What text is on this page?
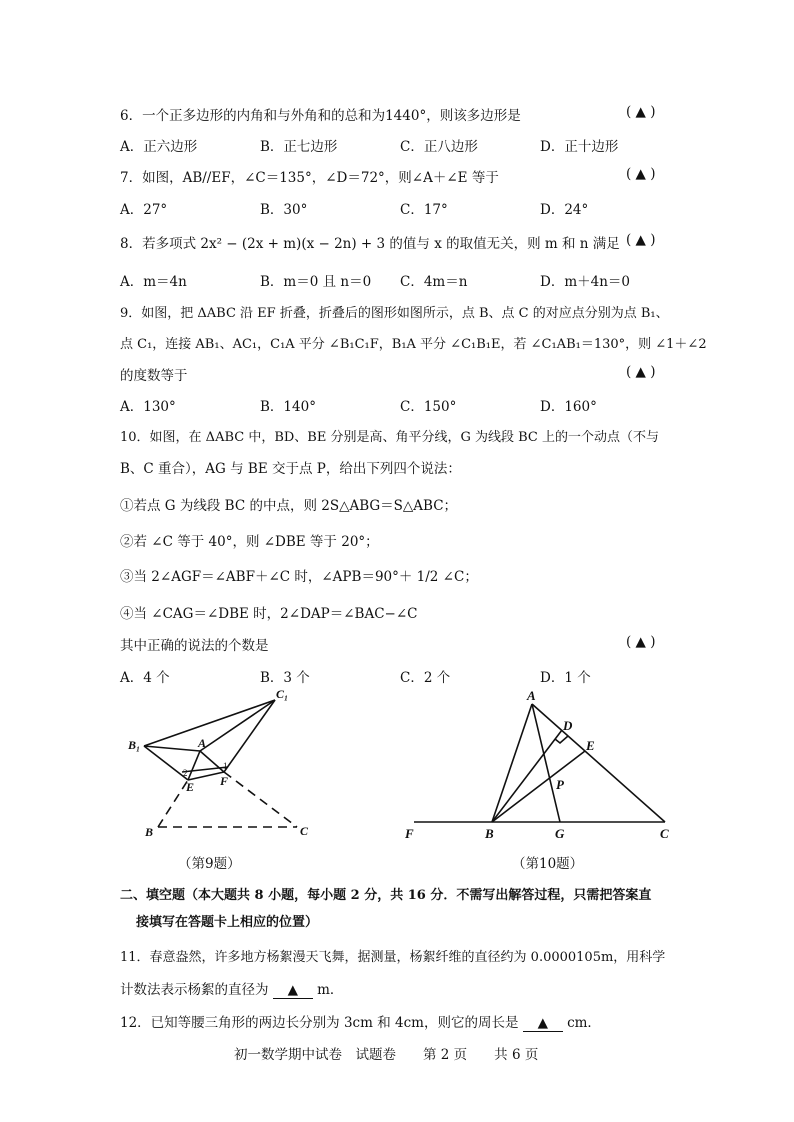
6．一个正多边形的内角和与外角和的总和为1440°，则该多边形是	( ▲ )
A．正六边形	B．正七边形	C．正八边形	D．正十边形
7．如图，AB//EF，∠C＝135°，∠D＝72°，则∠A＋∠E 等于	( ▲ )
A．27°	B．30°	C．17°	D．24°
8．若多项式 2x² − (2x + m)(x − 2n) + 3 的值与 x 的取值无关，则 m 和 n 满足 ( ▲ )
A．m＝4n	B．m＝0 且 n＝0 C．4m＝n	D．m＋4n＝0
9．如图，把 ΔABC 沿 EF 折叠，折叠后的图形如图所示，点 B、点 C 的对应点分别为点 B₁、
点 C₁，连接 AB₁、AC₁，C₁A 平分 ∠B₁C₁F，B₁A 平分 ∠C₁B₁E，若 ∠C₁AB₁＝130°，则 ∠1＋∠2
的度数等于	( ▲ )
A．130°	B．140°	C．150°	D．160°
10．如图，在 ΔABC 中，BD、BE 分别是高、角平分线，G 为线段 BC 上的一个动点（不与
B、C 重合），AG 与 BE 交于点 P，给出下列四个说法：
①若点 G 为线段 BC 的中点，则 2S△ABG＝S△ABC；
②若 ∠C 等于 40°，则 ∠DBE 等于 20°；
③当 2∠AGF＝∠ABF＋∠C 时，∠APB＝90°＋ 1/2 ∠C；
④当 ∠CAG＝∠DBE 时，2∠DAP＝∠BAC−∠C
其中正确的说法的个数是	( ▲ )
A．4 个	B．3 个	C．2 个	D．1 个
C₁
B₁	A
E F
B	C
1
2
（第9题）
A
D
E
P
F	B	G	C
（第10题）
二、填空题（本大题共 8 小题，每小题 2 分，共 16 分．不需写出解答过程，只需把答案直
接填写在答题卡上相应的位置）
11．春意盎然，许多地方杨絮漫天飞舞，据测量，杨絮纤维的直径约为 0.0000105m，用科学
计数法表示杨絮的直径为 ▲ m．
12．已知等腰三角形的两边长分别为 3cm 和 4cm，则它的周长是 ▲ cm．
初一数学期中试卷　试题卷　　第 2 页　　共 6 页
